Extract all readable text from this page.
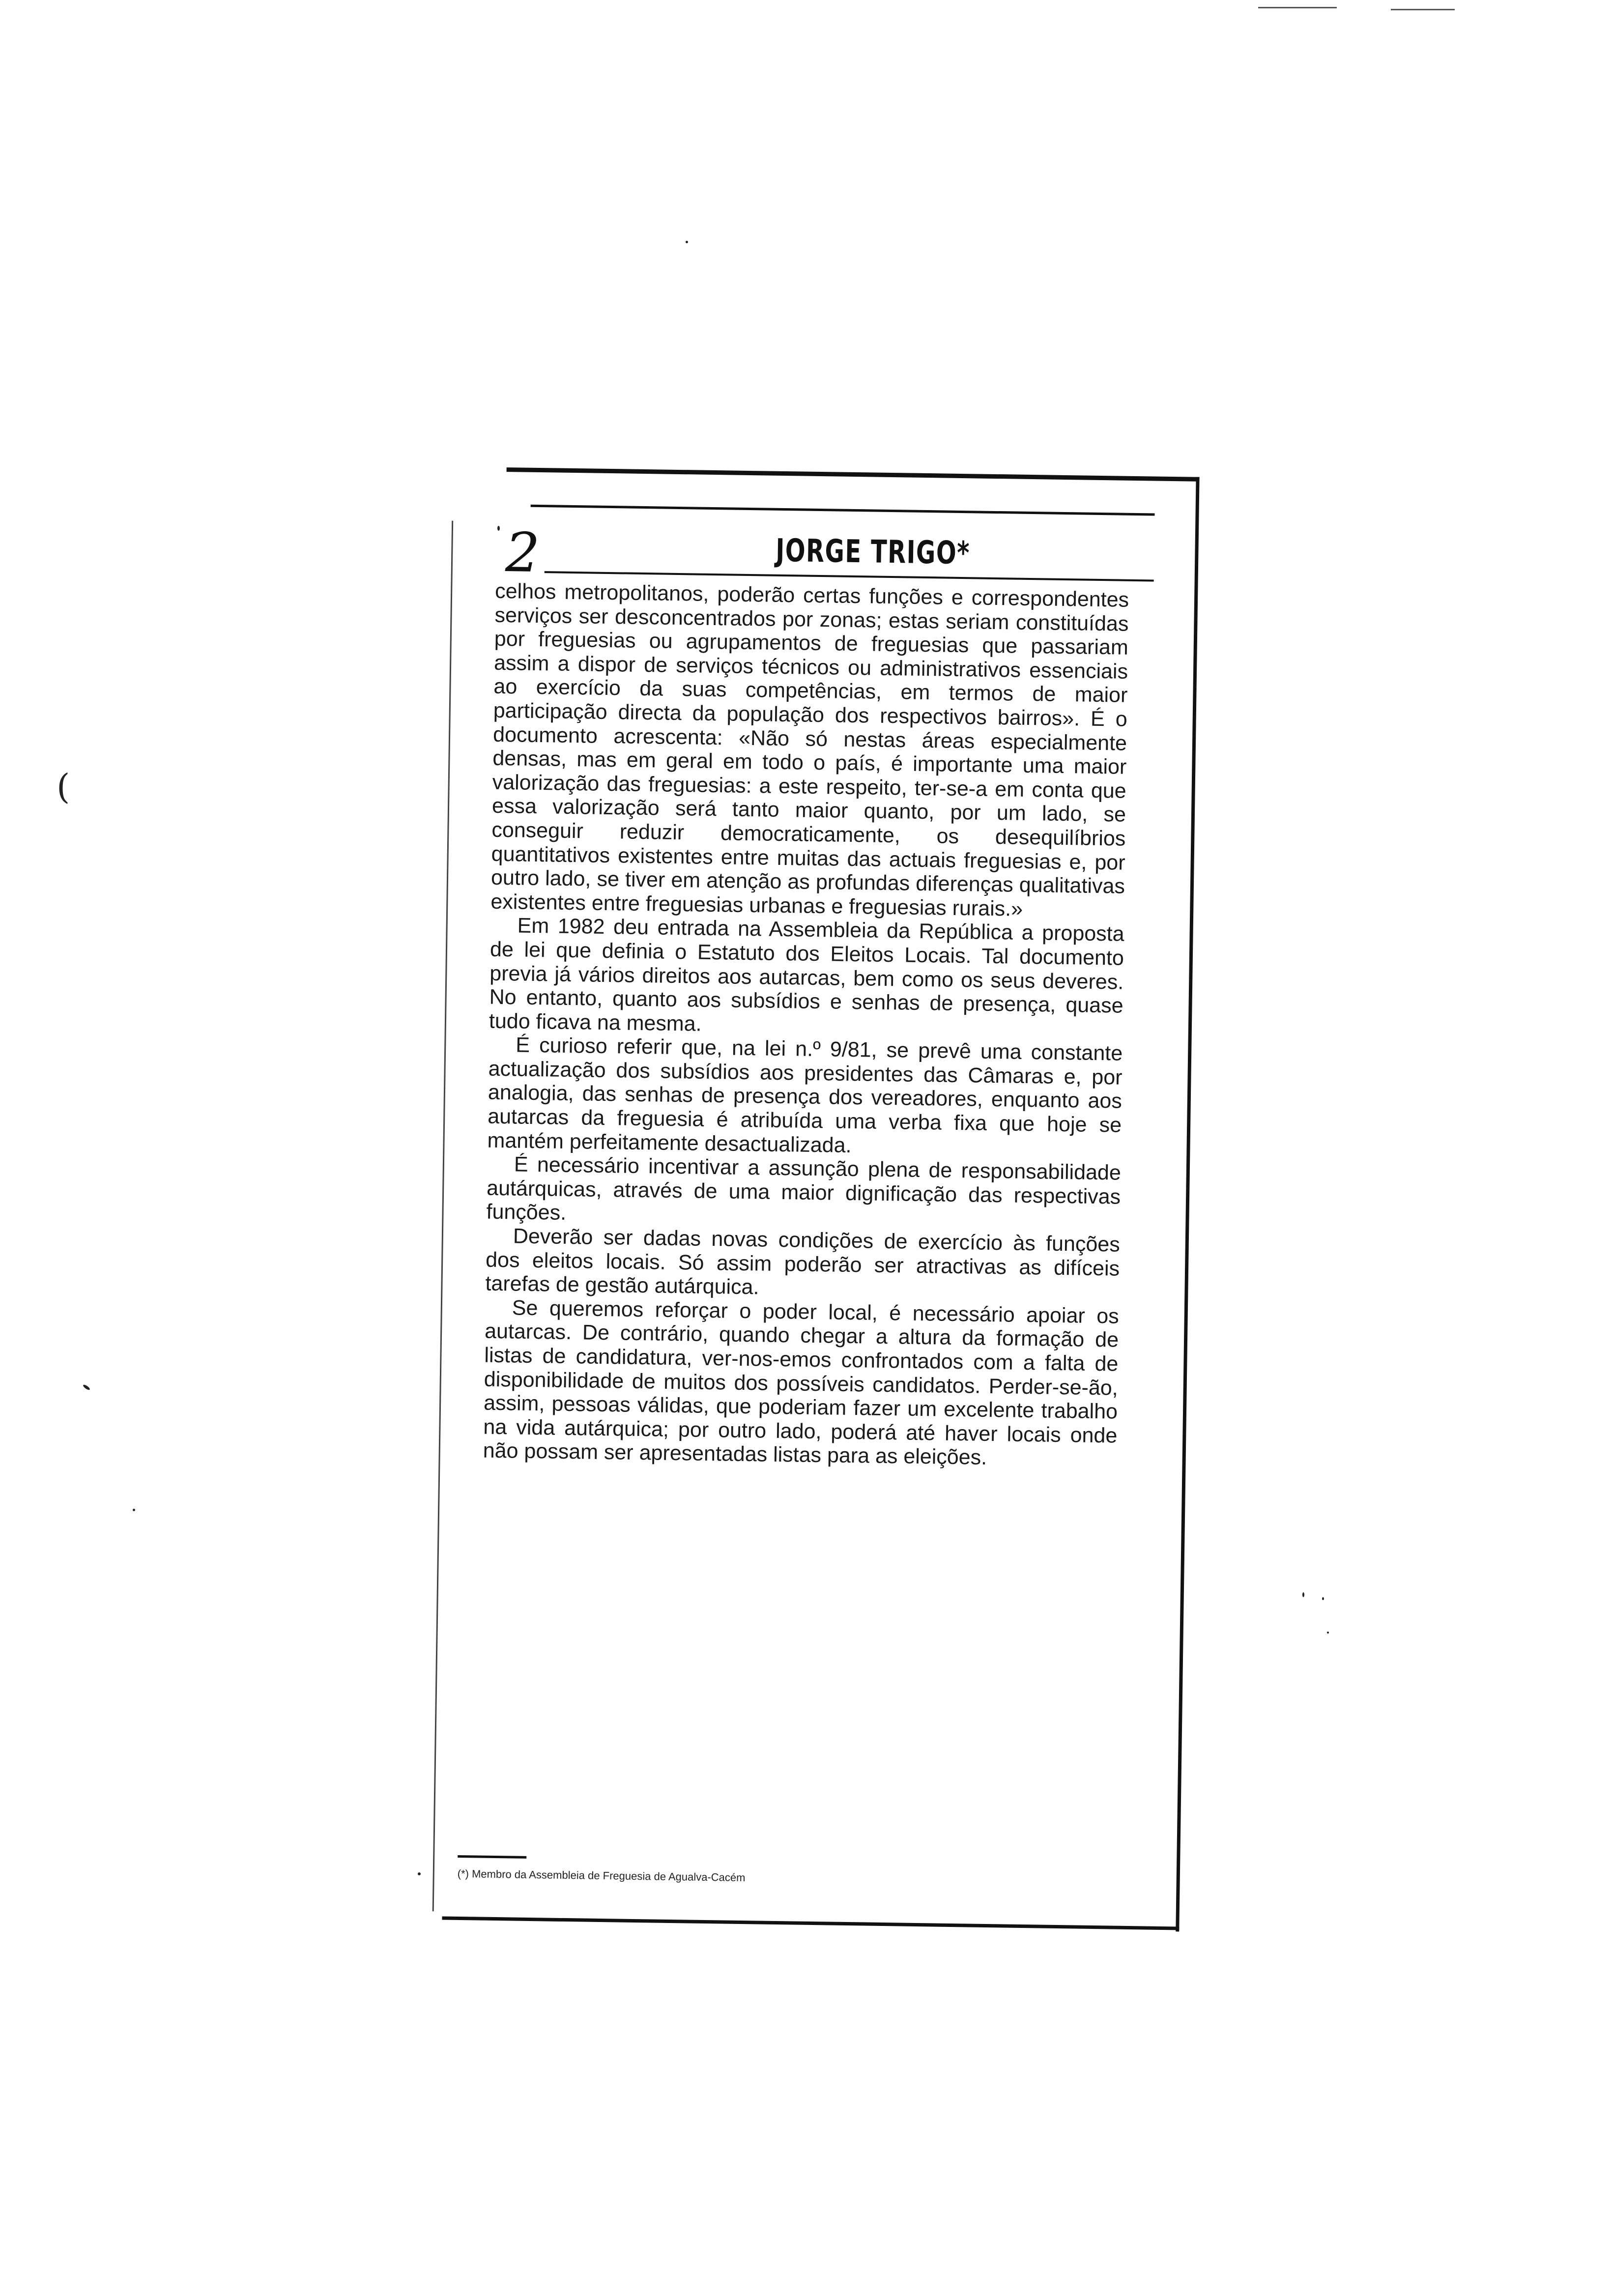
(
2	JORGE TRIGO*

celhos metropolitanos, poderão certas funções e correspondentes serviços ser desconcentrados por zonas; estas seriam constituídas por freguesias ou agrupamentos de freguesias que passariam assim a dispor de serviços técnicos ou administrativos essenciais ao exercício da suas competências, em termos de maior participação directa da população dos respectivos bairros». É o documento acrescenta: «Não só nestas áreas especialmente densas, mas em geral em todo o país, é importante uma maior valorização das freguesias: a este respeito, ter-se-a em conta que essa valorização será tanto maior quanto, por um lado, se conseguir reduzir democraticamente, os desequilíbrios quantitativos existentes entre muitas das actuais freguesias e, por outro lado, se tiver em atenção as profundas diferenças qualitativas existentes entre freguesias urbanas e freguesias rurais.»

Em 1982 deu entrada na Assembleia da República a proposta de lei que definia o Estatuto dos Eleitos Locais. Tal documento previa já vários direitos aos autarcas, bem como os seus deveres. No entanto, quanto aos subsídios e senhas de presença, quase tudo ficava na mesma.

É curioso referir que, na lei n.º 9/81, se prevê uma constante actualização dos subsídios aos presidentes das Câmaras e, por analogia, das senhas de presença dos vereadores, enquanto aos autarcas da freguesia é atribuída uma verba fixa que hoje se mantém perfeitamente desactualizada.

É necessário incentivar a assunção plena de responsabilidade autárquicas, através de uma maior dignificação das respectivas funções.

Deverão ser dadas novas condições de exercício às funções dos eleitos locais. Só assim poderão ser atractivas as difíceis tarefas de gestão autárquica.

Se queremos reforçar o poder local, é necessário apoiar os autarcas. De contrário, quando chegar a altura da formação de listas de candidatura, ver-nos-emos confrontados com a falta de disponibilidade de muitos dos possíveis candidatos. Perder-se-ão, assim, pessoas válidas, que poderiam fazer um excelente trabalho na vida autárquica; por outro lado, poderá até haver locais onde não possam ser apresentadas listas para as eleições.

(*) Membro da Assembleia de Freguesia de Agualva-Cacém
